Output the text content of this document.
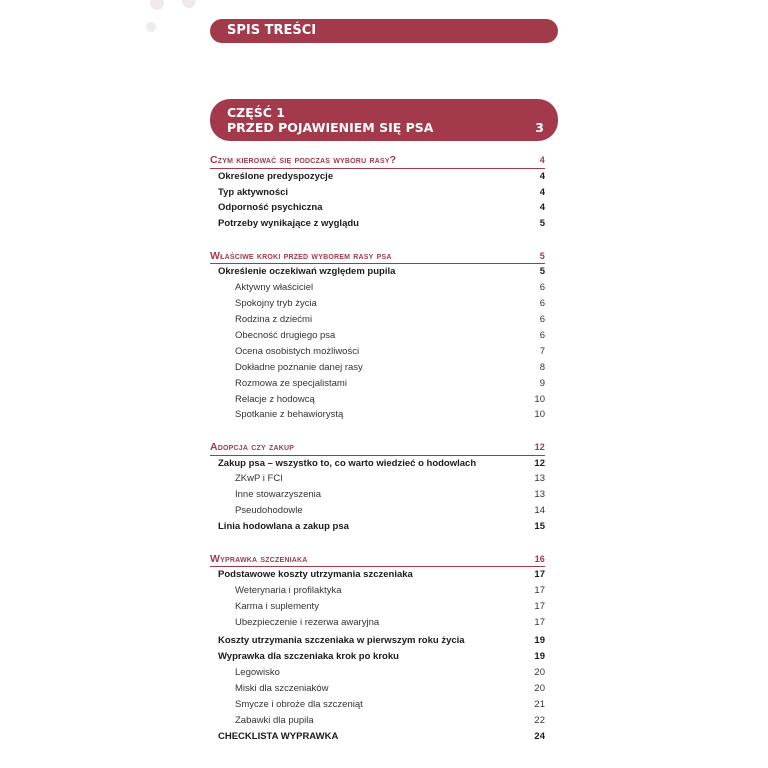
SPIS TREŚCI
CZĘŚĆ 1
PRZED POJAWIENIEM SIĘ PSA	3
Czym kierować się podczas wyboru rasy?	4
Określone predyspozycje	4
Typ aktywności	4
Odporność psychiczna	4
Potrzeby wynikające z wyglądu	5
Właściwe kroki przed wyborem rasy psa	5
Określenie oczekiwań względem pupila	5
Aktywny właściciel	6
Spokojny tryb życia	6
Rodzina z dziećmi	6
Obecność drugiego psa	6
Ocena osobistych możliwości	7
Dokładne poznanie danej rasy	8
Rozmowa ze specjalistami	9
Relacje z hodowcą	10
Spotkanie z behawiorystą	10
Adopcja czy zakup	12
Zakup psa – wszystko to, co warto wiedzieć o hodowlach	12
ZKwP i FCI	13
Inne stowarzyszenia	13
Pseudohodowle	14
Linia hodowlana a zakup psa	15
Wyprawka szczeniaka	16
Podstawowe koszty utrzymania szczeniaka	17
Weterynaria i profilaktyka	17
Karma i suplementy	17
Ubezpieczenie i rezerwa awaryjna	17
Koszty utrzymania szczeniaka w pierwszym roku życia	19
Wyprawka dla szczeniaka krok po kroku	19
Legowisko	20
Miski dla szczeniaków	20
Smycze i obroże dla szczeniąt	21
Zabawki dla pupila	22
CHECKLISTA WYPRAWKA	24
